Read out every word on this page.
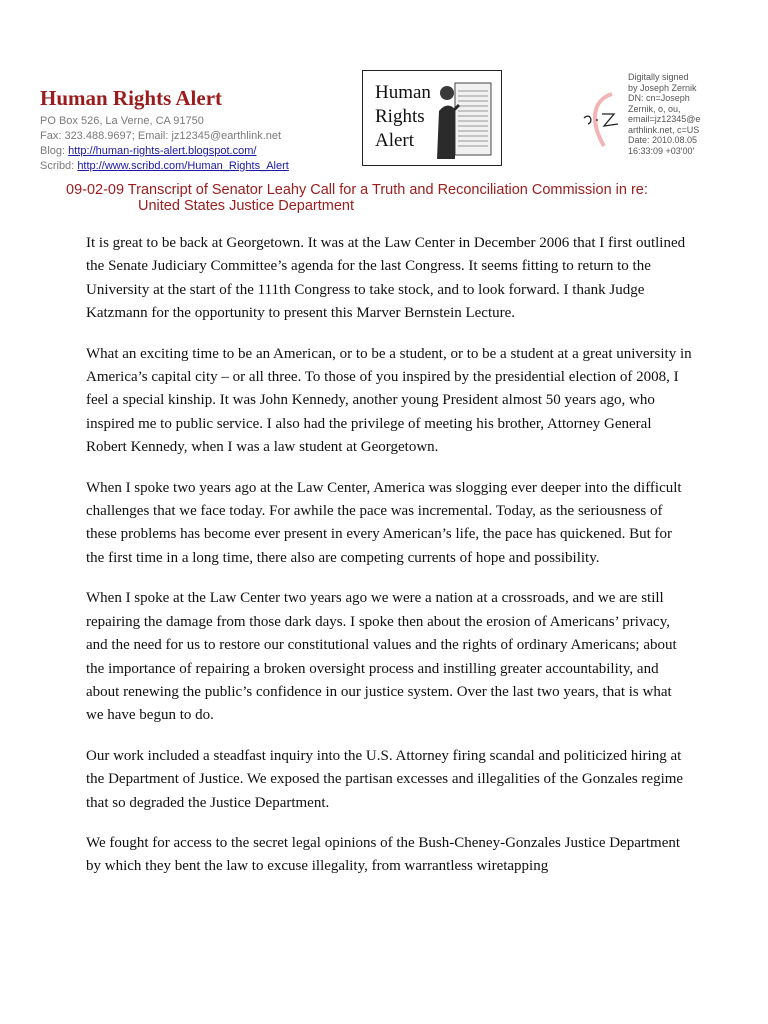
Human Rights Alert
PO Box 526, La Verne, CA 91750
Fax: 323.488.9697; Email: jz12345@earthlink.net
Blog: http://human-rights-alert.blogspot.com/
Scribd: http://www.scribd.com/Human_Rights_Alert
Human
Rights
Alert
Digitally signed
by Joseph Zernik
DN: cn=Joseph
Zernik, o, ou,
email=jz12345@e
arthlink.net, c=US
Date: 2010.08.05
16:33:09 +03'00'
09-02-09 Transcript of Senator Leahy Call for a Truth and Reconciliation Commission in re:
United States Justice Department

It is great to be back at Georgetown. It was at the Law Center in December 2006 that I first outlined the Senate Judiciary Committee’s agenda for the last Congress. It seems fitting to return to the University at the start of the 111th Congress to take stock, and to look forward. I thank Judge Katzmann for the opportunity to present this Marver Bernstein Lecture.

What an exciting time to be an American, or to be a student, or to be a student at a great university in America’s capital city – or all three. To those of you inspired by the presidential election of 2008, I feel a special kinship. It was John Kennedy, another young President almost 50 years ago, who inspired me to public service. I also had the privilege of meeting his brother, Attorney General Robert Kennedy, when I was a law student at Georgetown.

When I spoke two years ago at the Law Center, America was slogging ever deeper into the difficult challenges that we face today. For awhile the pace was incremental. Today, as the seriousness of these problems has become ever present in every American’s life, the pace has quickened. But for the first time in a long time, there also are competing currents of hope and possibility.

When I spoke at the Law Center two years ago we were a nation at a crossroads, and we are still repairing the damage from those dark days. I spoke then about the erosion of Americans’ privacy, and the need for us to restore our constitutional values and the rights of ordinary Americans; about the importance of repairing a broken oversight process and instilling greater accountability, and about renewing the public’s confidence in our justice system. Over the last two years, that is what we have begun to do.

Our work included a steadfast inquiry into the U.S. Attorney firing scandal and politicized hiring at the Department of Justice. We exposed the partisan excesses and illegalities of the Gonzales regime that so degraded the Justice Department.

We fought for access to the secret legal opinions of the Bush-Cheney-Gonzales Justice Department by which they bent the law to excuse illegality, from warrantless wiretapping
